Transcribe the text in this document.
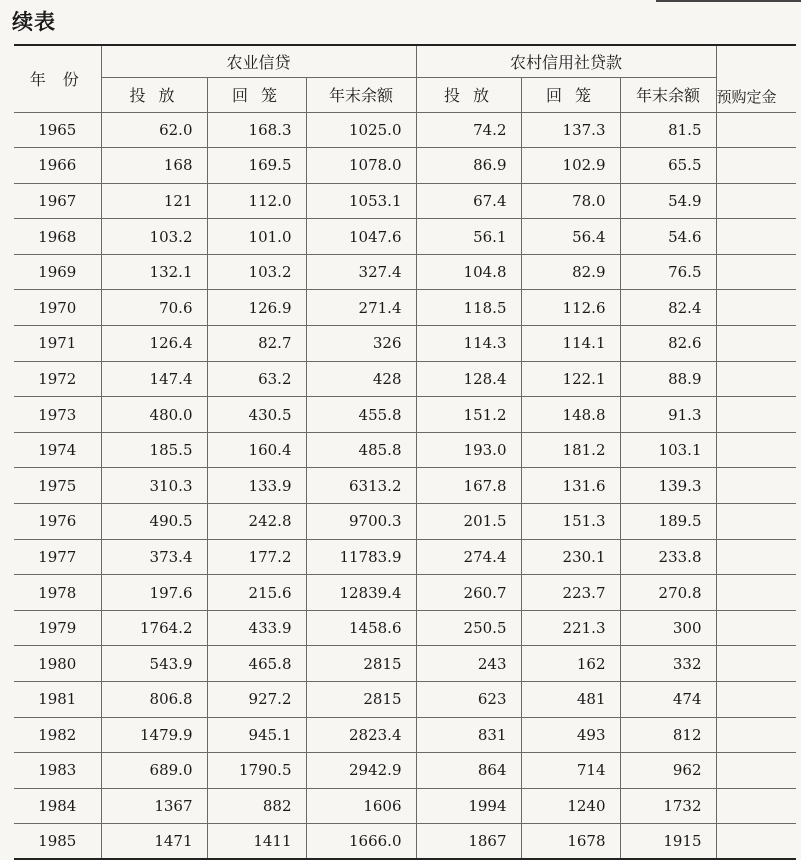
续表
年 份	农业信贷			农村信用社贷款			预购定金
	投 放	回 笼	年末余额	投 放	回 笼	年末余额	
1965	62.0	168.3	1025.0	74.2	137.3	81.5	
1966	168	169.5	1078.0	86.9	102.9	65.5	
1967	121	112.0	1053.1	67.4	78.0	54.9	
1968	103.2	101.0	1047.6	56.1	56.4	54.6	
1969	132.1	103.2	327.4	104.8	82.9	76.5	
1970	70.6	126.9	271.4	118.5	112.6	82.4	
1971	126.4	82.7	326	114.3	114.1	82.6	
1972	147.4	63.2	428	128.4	122.1	88.9	
1973	480.0	430.5	455.8	151.2	148.8	91.3	
1974	185.5	160.4	485.8	193.0	181.2	103.1	
1975	310.3	133.9	6313.2	167.8	131.6	139.3	
1976	490.5	242.8	9700.3	201.5	151.3	189.5	
1977	373.4	177.2	11783.9	274.4	230.1	233.8	
1978	197.6	215.6	12839.4	260.7	223.7	270.8	
1979	1764.2	433.9	1458.6	250.5	221.3	300	
1980	543.9	465.8	2815	243	162	332	
1981	806.8	927.2	2815	623	481	474	
1982	1479.9	945.1	2823.4	831	493	812	
1983	689.0	1790.5	2942.9	864	714	962	
1984	1367	882	1606	1994	1240	1732	
1985	1471	1411	1666.0	1867	1678	1915	
